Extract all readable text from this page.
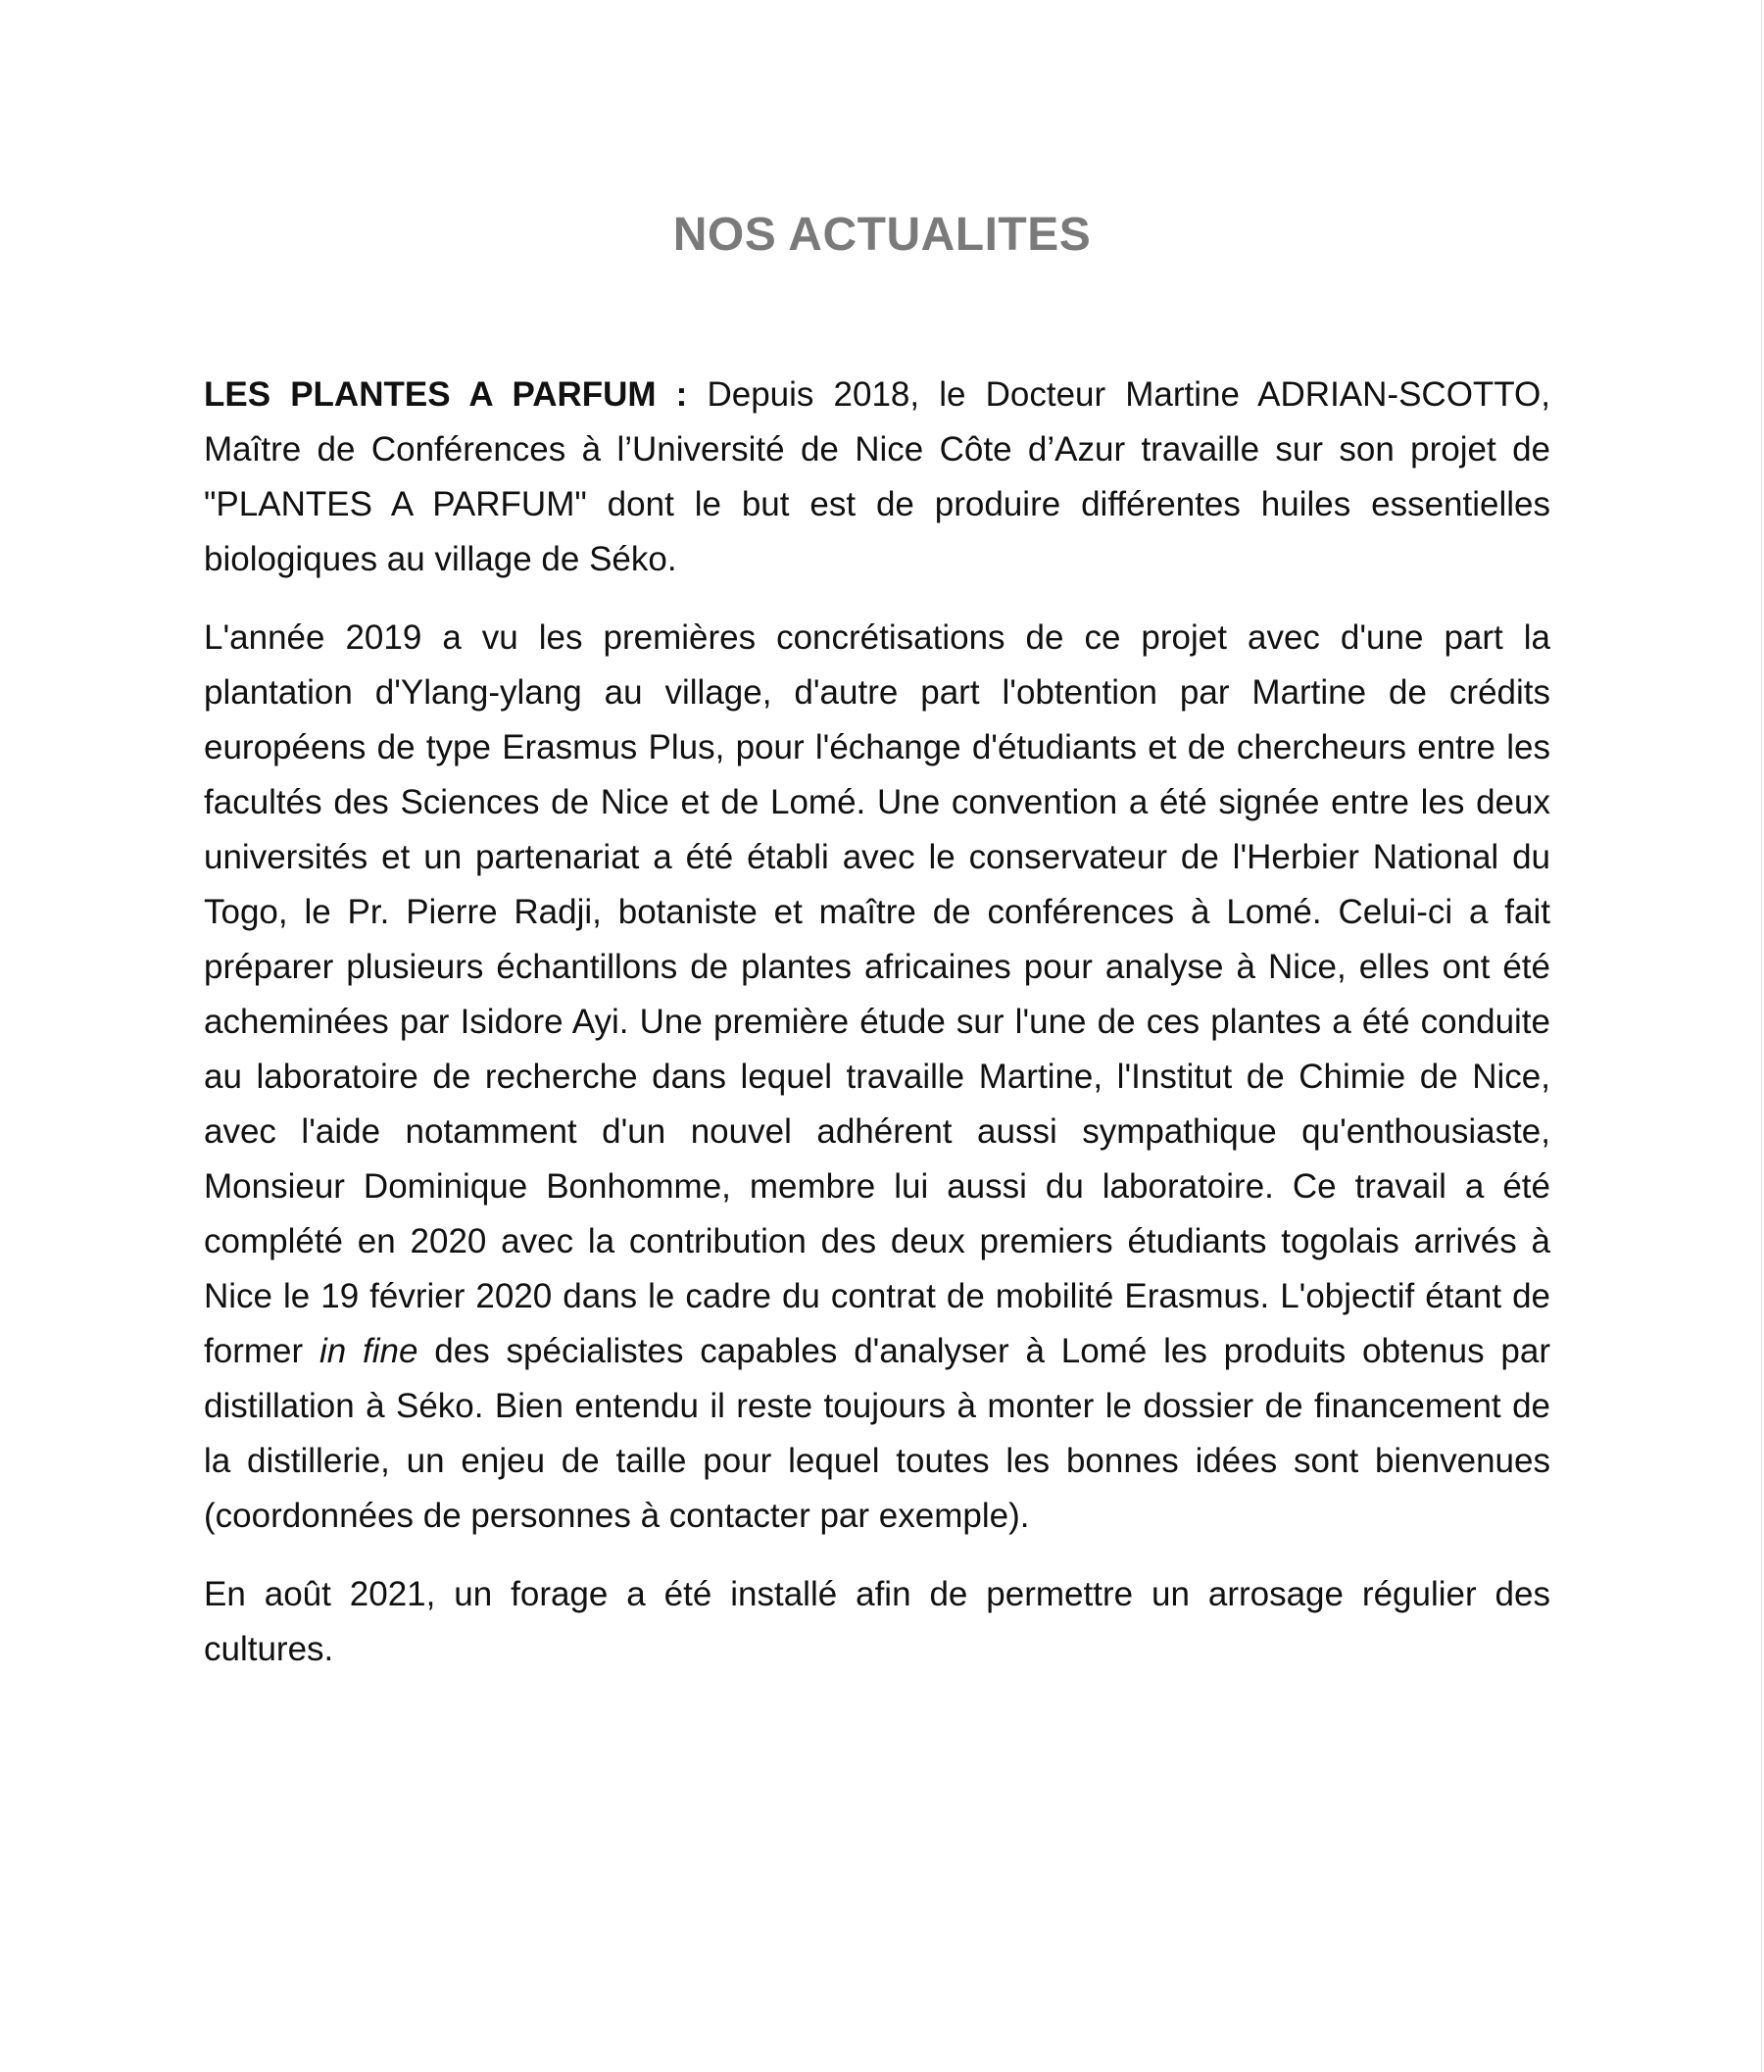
NOS ACTUALITES

LES PLANTES A PARFUM : Depuis 2018, le Docteur Martine ADRIAN-SCOTTO, Maître de Conférences à l’Université de Nice Côte d’Azur travaille sur son projet de "PLANTES A PARFUM" dont le but est de produire différentes huiles essentielles biologiques au village de Séko.

L'année 2019 a vu les premières concrétisations de ce projet avec d'une part la plantation d'Ylang-ylang au village, d'autre part l'obtention par Martine de crédits européens de type Erasmus Plus, pour l'échange d'étudiants et de chercheurs entre les facultés des Sciences de Nice et de Lomé. Une convention a été signée entre les deux universités et un partenariat a été établi avec le conservateur de l'Herbier National du Togo, le Pr. Pierre Radji, botaniste et maître de conférences à Lomé. Celui-ci a fait préparer plusieurs échantillons de plantes africaines pour analyse à Nice, elles ont été acheminées par Isidore Ayi. Une première étude sur l'une de ces plantes a été conduite au laboratoire de recherche dans lequel travaille Martine, l'Institut de Chimie de Nice, avec l'aide notamment d'un nouvel adhérent aussi sympathique qu'enthousiaste, Monsieur Dominique Bonhomme, membre lui aussi du laboratoire. Ce travail a été complété en 2020 avec la contribution des deux premiers étudiants togolais arrivés à Nice le 19 février 2020 dans le cadre du contrat de mobilité Erasmus. L'objectif étant de former in fine des spécialistes capables d'analyser à Lomé les produits obtenus par distillation à Séko. Bien entendu il reste toujours à monter le dossier de financement de la distillerie, un enjeu de taille pour lequel toutes les bonnes idées sont bienvenues (coordonnées de personnes à contacter par exemple).

En août 2021, un forage a été installé afin de permettre un arrosage régulier des cultures.
